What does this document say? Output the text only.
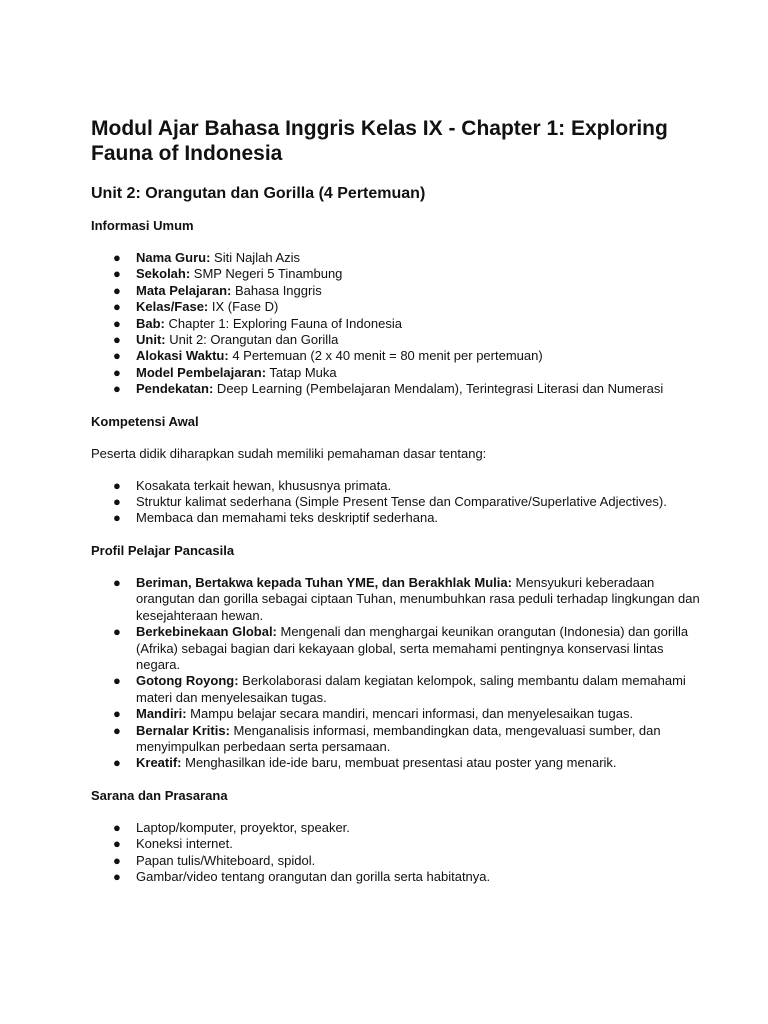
Modul Ajar Bahasa Inggris Kelas IX - Chapter 1: Exploring Fauna of Indonesia
Unit 2: Orangutan dan Gorilla (4 Pertemuan)
Informasi Umum
● Nama Guru: Siti Najlah Azis
● Sekolah: SMP Negeri 5 Tinambung
● Mata Pelajaran: Bahasa Inggris
● Kelas/Fase: IX (Fase D)
● Bab: Chapter 1: Exploring Fauna of Indonesia
● Unit: Unit 2: Orangutan dan Gorilla
● Alokasi Waktu: 4 Pertemuan (2 x 40 menit = 80 menit per pertemuan)
● Model Pembelajaran: Tatap Muka
● Pendekatan: Deep Learning (Pembelajaran Mendalam), Terintegrasi Literasi dan Numerasi
Kompetensi Awal

Peserta didik diharapkan sudah memiliki pemahaman dasar tentang:

● Kosakata terkait hewan, khususnya primata.
● Struktur kalimat sederhana (Simple Present Tense dan Comparative/Superlative Adjectives).
● Membaca dan memahami teks deskriptif sederhana.
Profil Pelajar Pancasila
● Beriman, Bertakwa kepada Tuhan YME, dan Berakhlak Mulia: Mensyukuri keberadaan orangutan dan gorilla sebagai ciptaan Tuhan, menumbuhkan rasa peduli terhadap lingkungan dan kesejahteraan hewan.
● Berkebinekaan Global: Mengenali dan menghargai keunikan orangutan (Indonesia) dan gorilla (Afrika) sebagai bagian dari kekayaan global, serta memahami pentingnya konservasi lintas negara.
● Gotong Royong: Berkolaborasi dalam kegiatan kelompok, saling membantu dalam memahami materi dan menyelesaikan tugas.
● Mandiri: Mampu belajar secara mandiri, mencari informasi, dan menyelesaikan tugas.
● Bernalar Kritis: Menganalisis informasi, membandingkan data, mengevaluasi sumber, dan menyimpulkan perbedaan serta persamaan.
● Kreatif: Menghasilkan ide-ide baru, membuat presentasi atau poster yang menarik.
Sarana dan Prasarana
● Laptop/komputer, proyektor, speaker.
● Koneksi internet.
● Papan tulis/Whiteboard, spidol.
● Gambar/video tentang orangutan dan gorilla serta habitatnya.
